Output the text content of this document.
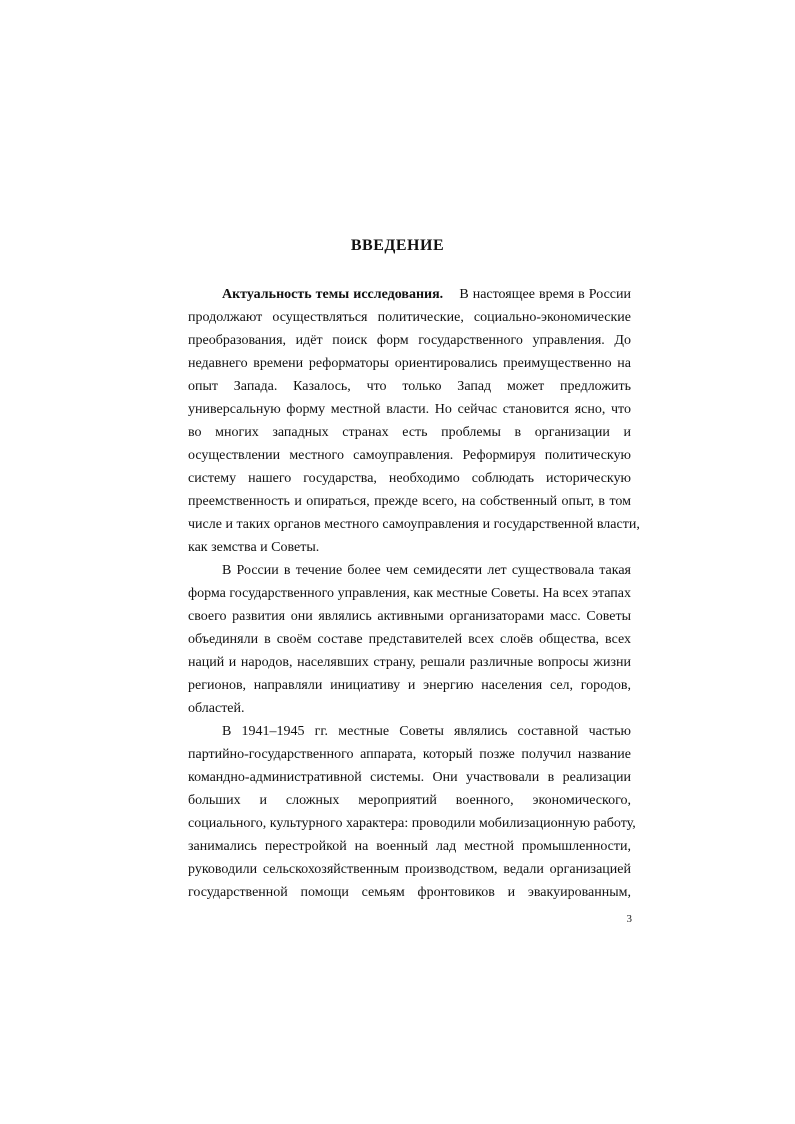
ВВЕДЕНИЕ
Актуальность темы исследования. В настоящее время в России
продолжают осуществляться политические, социально-экономические
преобразования, идёт поиск форм государственного управления. До
недавнего времени реформаторы ориентировались преимущественно на
опыт Запада. Казалось, что только Запад может предложить
универсальную форму местной власти. Но сейчас становится ясно, что
во многих западных странах есть проблемы в организации и
осуществлении местного самоуправления. Реформируя политическую
систему нашего государства, необходимо соблюдать историческую
преемственность и опираться, прежде всего, на собственный опыт, в том
числе и таких органов местного самоуправления и государственной власти,
как земства и Советы.
В России в течение более чем семидесяти лет существовала такая
форма государственного управления, как местные Советы. На всех этапах
своего развития они являлись активными организаторами масс. Советы
объединяли в своём составе представителей всех слоёв общества, всех
наций и народов, населявших страну, решали различные вопросы жизни
регионов, направляли инициативу и энергию населения сел, городов,
областей.
В 1941–1945 гг. местные Советы являлись составной частью
партийно-государственного аппарата, который позже получил название
командно-административной системы. Они участвовали в реализации
больших и сложных мероприятий военного, экономического,
социального, культурного характера: проводили мобилизационную работу,
занимались перестройкой на военный лад местной промышленности,
руководили сельскохозяйственным производством, ведали организацией
государственной помощи семьям фронтовиков и эвакуированным,
3
